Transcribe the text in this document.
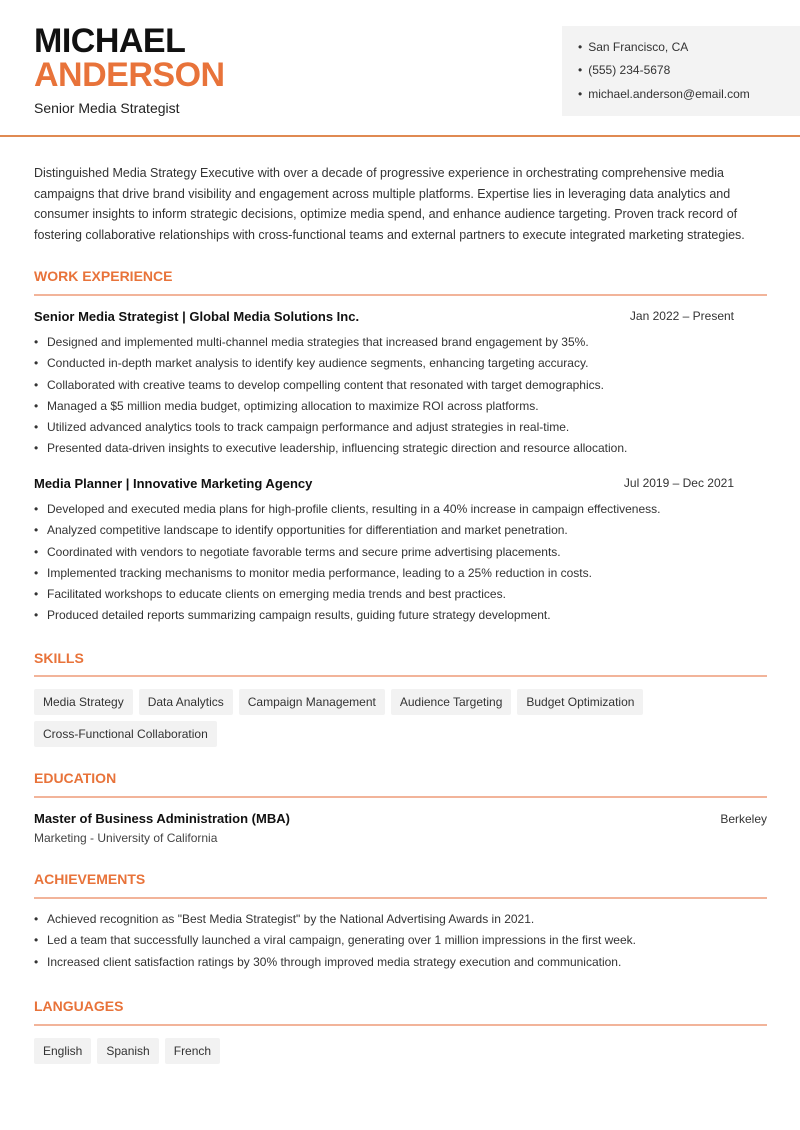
MICHAEL
ANDERSON
Senior Media Strategist
• San Francisco, CA
• (555) 234-5678
• michael.anderson@email.com
Distinguished Media Strategy Executive with over a decade of progressive experience in orchestrating comprehensive media campaigns that drive brand visibility and engagement across multiple platforms. Expertise lies in leveraging data analytics and consumer insights to inform strategic decisions, optimize media spend, and enhance audience targeting. Proven track record of fostering collaborative relationships with cross-functional teams and external partners to execute integrated marketing strategies.
WORK EXPERIENCE
Senior Media Strategist | Global Media Solutions Inc.	Jan 2022 – Present
• Designed and implemented multi-channel media strategies that increased brand engagement by 35%.
• Conducted in-depth market analysis to identify key audience segments, enhancing targeting accuracy.
• Collaborated with creative teams to develop compelling content that resonated with target demographics.
• Managed a $5 million media budget, optimizing allocation to maximize ROI across platforms.
• Utilized advanced analytics tools to track campaign performance and adjust strategies in real-time.
• Presented data-driven insights to executive leadership, influencing strategic direction and resource allocation.
Media Planner | Innovative Marketing Agency	Jul 2019 – Dec 2021
• Developed and executed media plans for high-profile clients, resulting in a 40% increase in campaign effectiveness.
• Analyzed competitive landscape to identify opportunities for differentiation and market penetration.
• Coordinated with vendors to negotiate favorable terms and secure prime advertising placements.
• Implemented tracking mechanisms to monitor media performance, leading to a 25% reduction in costs.
• Facilitated workshops to educate clients on emerging media trends and best practices.
• Produced detailed reports summarizing campaign results, guiding future strategy development.
SKILLS
Media Strategy	Data Analytics	Campaign Management	Audience Targeting	Budget Optimization
Cross-Functional Collaboration
EDUCATION
Master of Business Administration (MBA)	Berkeley
Marketing - University of California
ACHIEVEMENTS
• Achieved recognition as "Best Media Strategist" by the National Advertising Awards in 2021.
• Led a team that successfully launched a viral campaign, generating over 1 million impressions in the first week.
• Increased client satisfaction ratings by 30% through improved media strategy execution and communication.
LANGUAGES
English	Spanish	French
